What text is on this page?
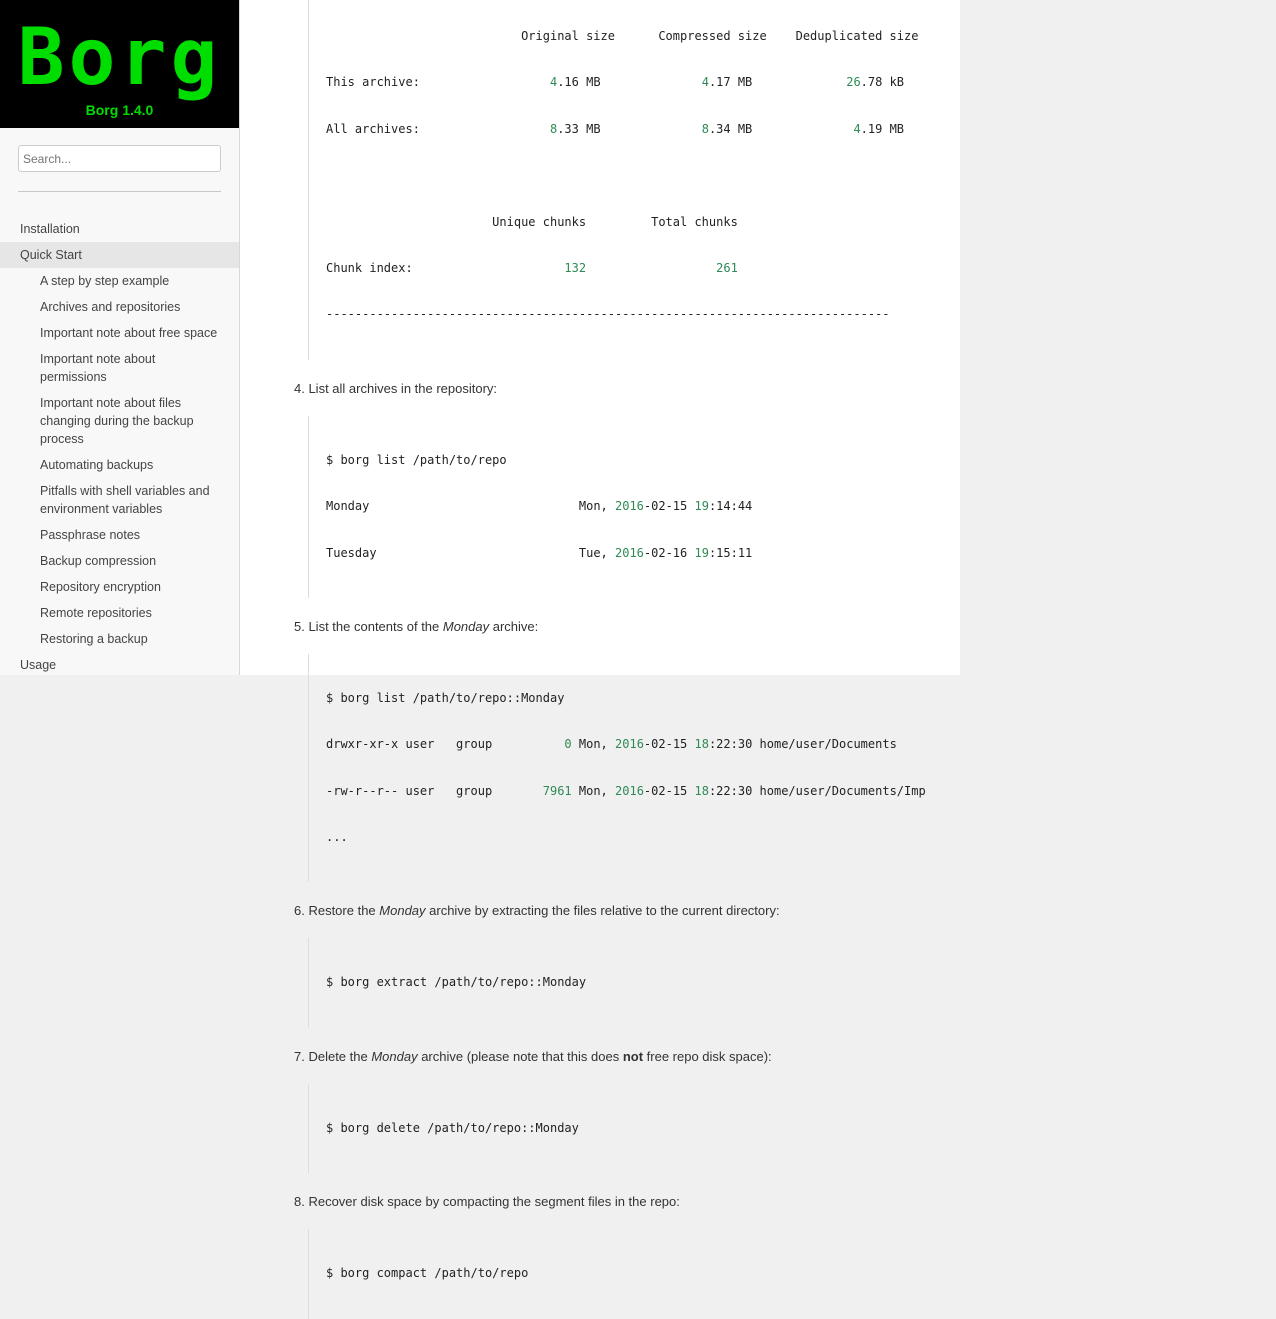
Borg
Borg 1.4.0
Search...
Installation
Quick Start
A step by step example
Archives and repositories
Important note about free space
Important note about permissions
Important note about files changing during the backup process
Automating backups
Pitfalls with shell variables and environment variables
Passphrase notes
Backup compression
Repository encryption
Remote repositories
Restoring a backup
Usage

Original size      Compressed size    Deduplicated size

This archive:	4.16 MB              4.17 MB             26.78 kB

All archives:	8.33 MB              8.34 MB              4.19 MB

Unique chunks         Total chunks

Chunk index:	132	261

------------------------------------------------------------------------------

4. List all archives in the repository:

$ borg list /path/to/repo

Monday	Mon, 2016-02-15 19:14:44

Tuesday	Tue, 2016-02-16 19:15:11

5. List the contents of the Monday archive:

$ borg list /path/to/repo::Monday

drwxr-xr-x user   group          0 Mon, 2016-02-15 18:22:30 home/user/Documents

-rw-r--r-- user   group       7961 Mon, 2016-02-15 18:22:30 home/user/Documents/Imp

...

6. Restore the Monday archive by extracting the files relative to the current directory:

$ borg extract /path/to/repo::Monday

7. Delete the Monday archive (please note that this does not free repo disk space):

$ borg delete /path/to/repo::Monday

8. Recover disk space by compacting the segment files in the repo:

$ borg compact /path/to/repo
